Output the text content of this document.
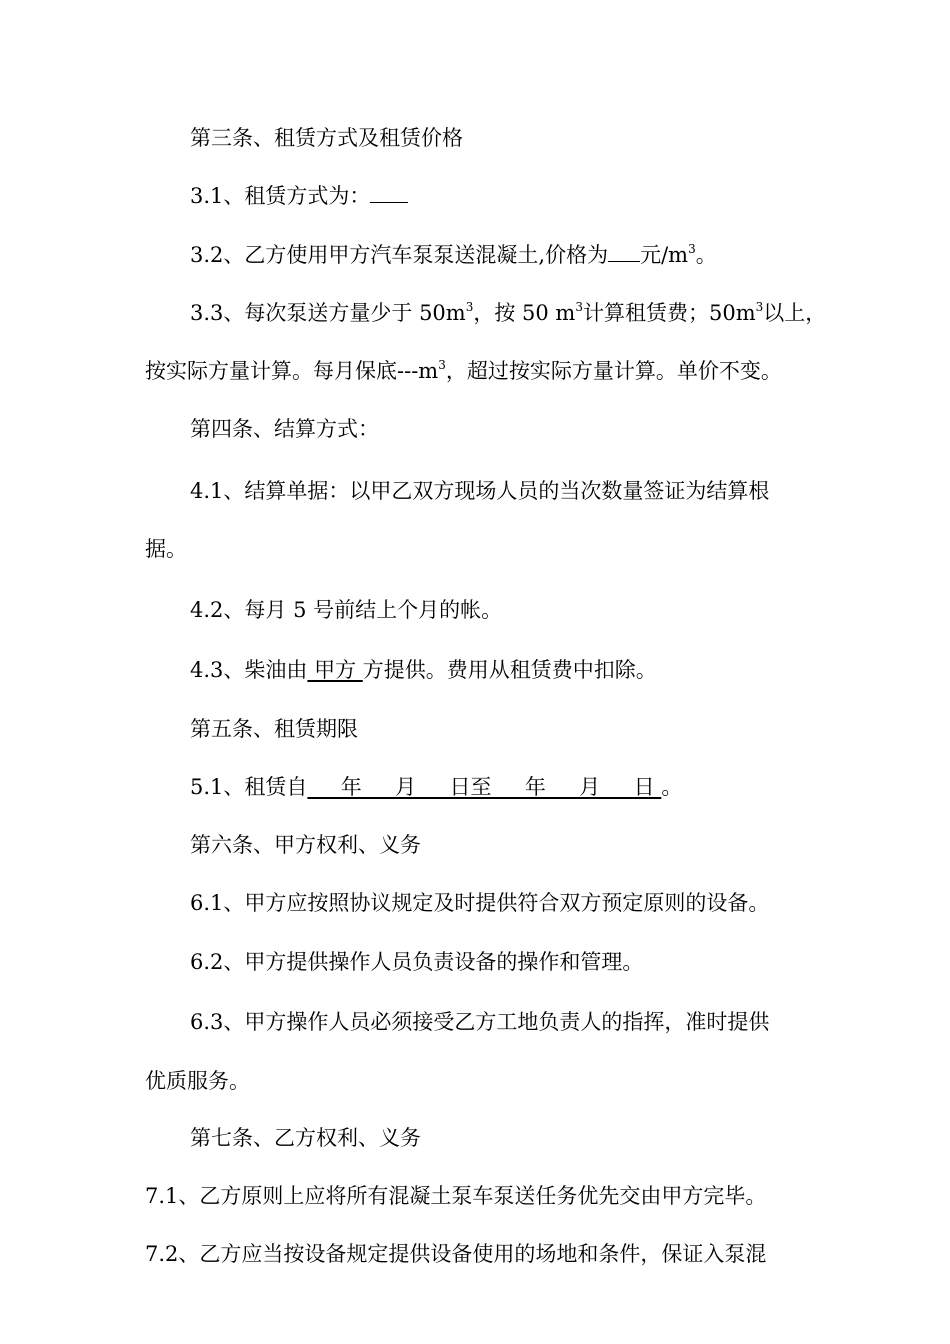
第三条、租赁方式及租赁价格
3.1、租赁方式为：
3.2、乙方使用甲方汽车泵泵送混凝土,价格为 元$/m^3$。
3.3、每次泵送方量少于 $50m^3$，按 50 $m^3$计算租赁费；$50m^3$以上，
按实际方量计算。每月保底$---m^3$，超过按实际方量计算。单价不变。
第四条、结算方式：
4.1、结算单据：以甲乙双方现场人员的当次数量签证为结算根
据。
4.2、每月 5 号前结上个月的帐。
4.3、柴油由 甲方 方提供。费用从租赁费中扣除。
第五条、租赁期限
5.1、租赁自     年     月     日至     年     月     日 。
第六条、甲方权利、义务
6.1、甲方应按照协议规定及时提供符合双方预定原则的设备。
6.2、甲方提供操作人员负责设备的操作和管理。
6.3、甲方操作人员必须接受乙方工地负责人的指挥，准时提供
优质服务。
第七条、乙方权利、义务
7.1、乙方原则上应将所有混凝土泵车泵送任务优先交由甲方完毕。
7.2、乙方应当按设备规定提供设备使用的场地和条件，保证入泵混
